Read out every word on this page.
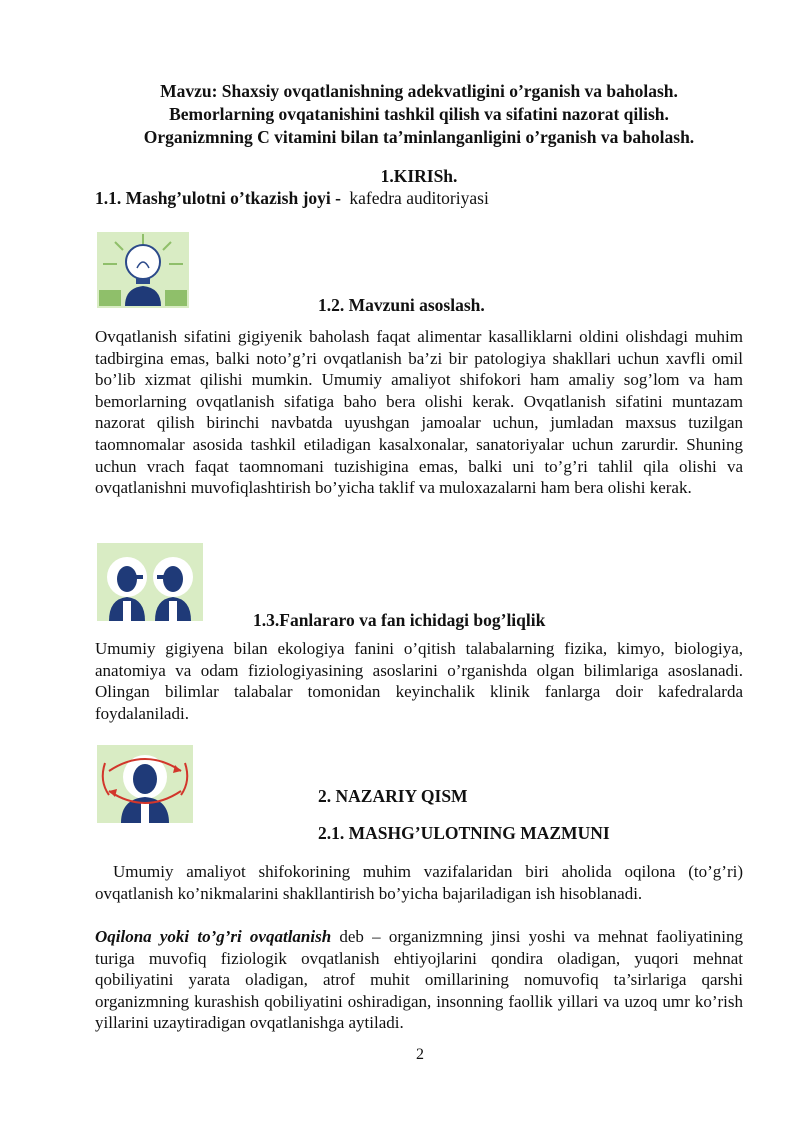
Mavzu: Shaxsiy ovqatlanishning adekvatligini o’rganish va baholash.
Bemorlarning ovqatanishini tashkil qilish va sifatini nazorat qilish.
Organizmning C vitamini bilan ta’minlanganligini o’rganish va baholash.
1.KIRISh.
1.1. Mashg’ulotni o’tkazish joyi - kafedra auditoriyasi
1.2. Mavzuni asoslash.
Ovqatlanish sifatini gigiyenik baholash faqat alimentar kasalliklarni oldini olishdagi muhim tadbirgina emas, balki noto’g’ri ovqatlanish ba’zi bir patologiya shakllari uchun xavfli omil bo’lib xizmat qilishi mumkin. Umumiy amaliyot shifokori ham amaliy sog’lom va ham bemorlarning ovqatlanish sifatiga baho bera olishi kerak. Ovqatlanish sifatini muntazam nazorat qilish birinchi navbatda uyushgan jamoalar uchun, jumladan maxsus tuzilgan taomnomalar asosida tashkil etiladigan kasalxonalar, sanatoriyalar uchun zarurdir. Shuning uchun vrach faqat taomnomani tuzishigina emas, balki uni to’g’ri tahlil qila olishi va ovqatlanishni muvofiqlashtirish bo’yicha taklif va muloxazalarni ham bera olishi kerak.
1.3.Fanlararo va fan ichidagi bog’liqlik
Umumiy gigiyena bilan ekologiya fanini o’qitish talabalarning fizika, kimyo, biologiya, anatomiya va odam fiziologiyasining asoslarini o’rganishda olgan bilimlariga asoslanadi. Olingan bilimlar talabalar tomonidan keyinchalik klinik fanlarga doir kafedralarda foydalaniladi.
2. NAZARIY QISM
2.1. MASHG’ULOTNING MAZMUNI
Umumiy amaliyot shifokorining muhim vazifalaridan biri aholida oqilona (to’g’ri) ovqatlanish ko’nikmalarini shakllantirish bo’yicha bajariladigan ish hisoblanadi.
Oqilona yoki to’g’ri ovqatlanish deb – organizmning jinsi yoshi va mehnat faoliyatining turiga muvofiq fiziologik ovqatlanish ehtiyojlarini qondira oladigan, yuqori mehnat qobiliyatini yarata oladigan, atrof muhit omillarining nomuvofiq ta’sirlariga qarshi organizmning kurashish qobiliyatini oshiradigan, insonning faollik yillari va uzoq umr ko’rish yillarini uzaytiradigan ovqatlanishga aytiladi.
2
